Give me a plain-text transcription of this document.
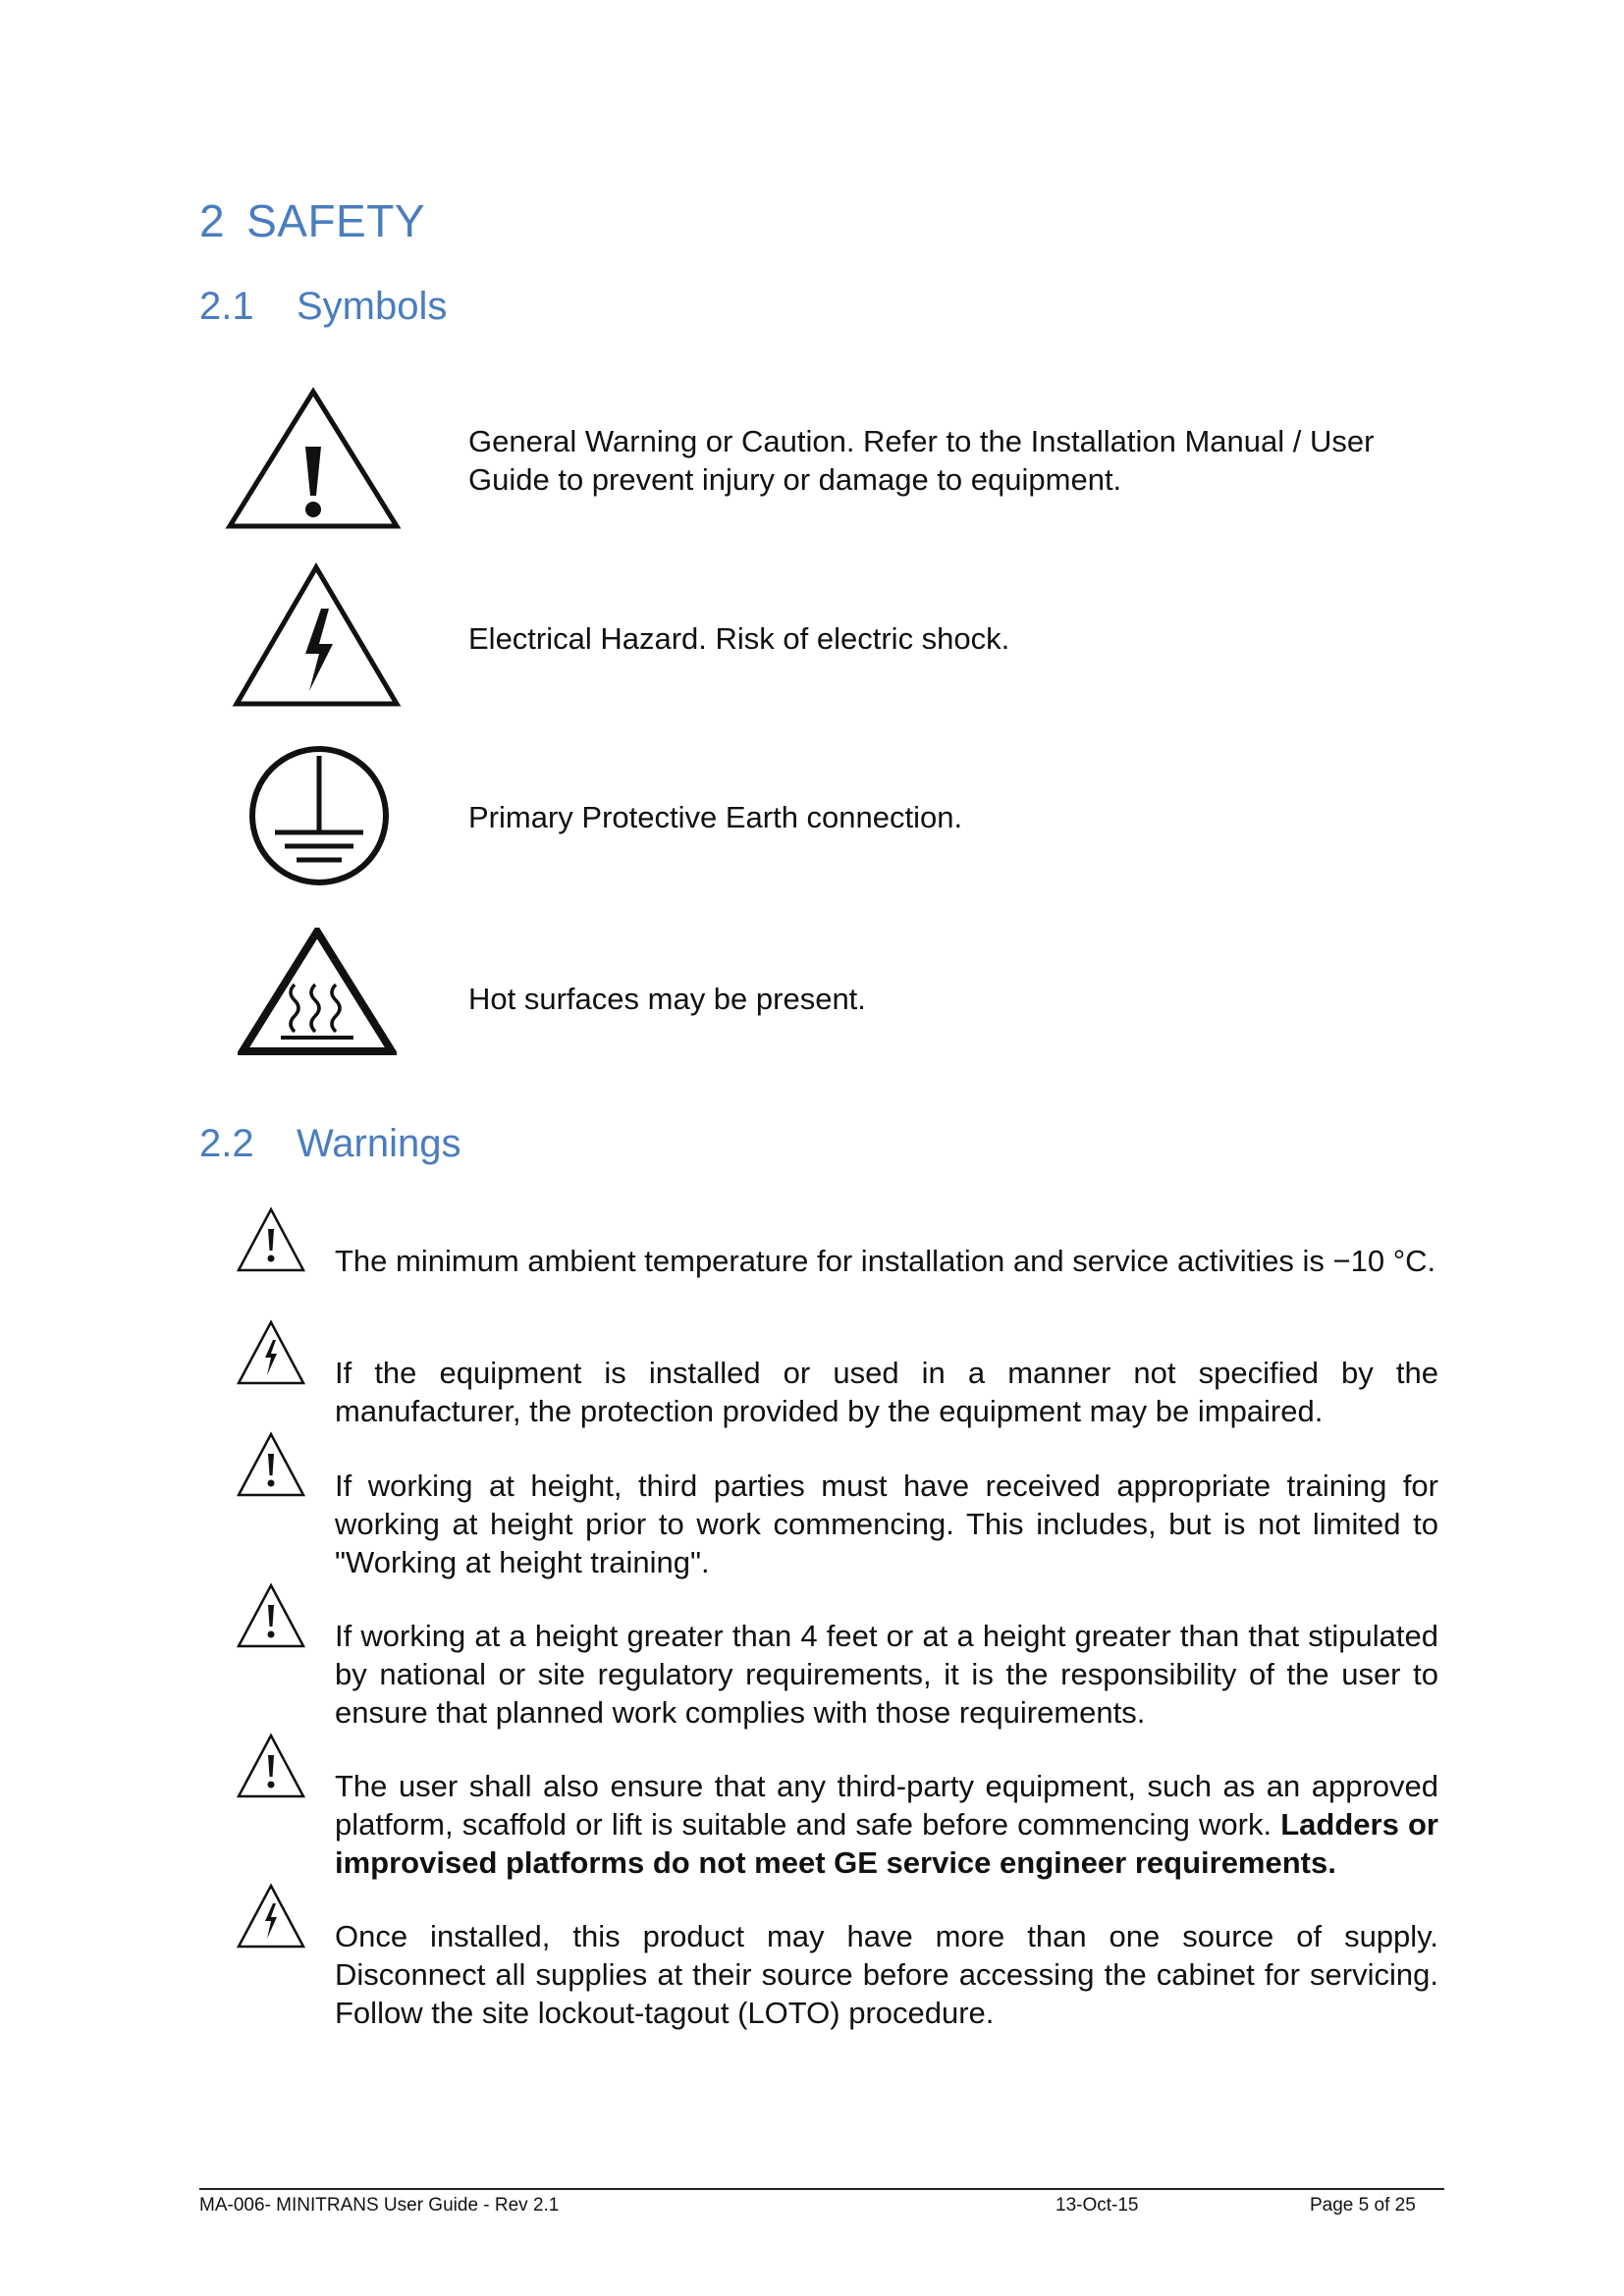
2 SAFETY
2.1 Symbols
General Warning or Caution. Refer to the Installation Manual / User Guide to prevent injury or damage to equipment.
Electrical Hazard. Risk of electric shock.
Primary Protective Earth connection.
Hot surfaces may be present.
2.2 Warnings
The minimum ambient temperature for installation and service activities is −10 °C.
If the equipment is installed or used in a manner not specified by the manufacturer, the protection provided by the equipment may be impaired.
If working at height, third parties must have received appropriate training for working at height prior to work commencing. This includes, but is not limited to "Working at height training".
If working at a height greater than 4 feet or at a height greater than that stipulated by national or site regulatory requirements, it is the responsibility of the user to ensure that planned work complies with those requirements.
The user shall also ensure that any third-party equipment, such as an approved platform, scaffold or lift is suitable and safe before commencing work. Ladders or improvised platforms do not meet GE service engineer requirements.
Once installed, this product may have more than one source of supply. Disconnect all supplies at their source before accessing the cabinet for servicing. Follow the site lockout-tagout (LOTO) procedure.
MA-006- MINITRANS User Guide - Rev 2.1	13-Oct-15	Page 5 of 25
